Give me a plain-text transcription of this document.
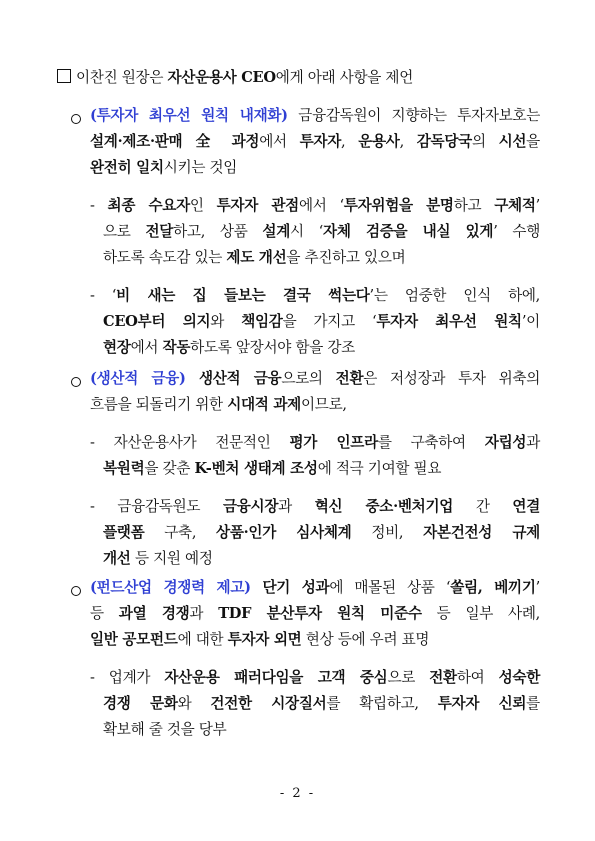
이찬진 원장은 자산운용사 CEO에게 아래 사항을 제언
(투자자 최우선 원칙 내재화) 금융감독원이 지향하는 투자자보호는
설계·제조·판매 全 과정에서 투자자, 운용사, 감독당국의 시선을
완전히 일치시키는 것임
- 최종 수요자인 투자자 관점에서 ‘투자위험을 분명하고 구체적’
으로 전달하고, 상품 설계시 ‘자체 검증을 내실 있게’ 수행
하도록 속도감 있는 제도 개선을 추진하고 있으며
- ‘비 새는 집 들보는 결국 썩는다’는 엄중한 인식 하에,
CEO부터 의지와 책임감을 가지고 ‘투자자 최우선 원칙’이
현장에서 작동하도록 앞장서야 함을 강조
(생산적 금융) 생산적 금융으로의 전환은 저성장과 투자 위축의
흐름을 되돌리기 위한 시대적 과제이므로,
- 자산운용사가 전문적인 평가 인프라를 구축하여 자립성과
복원력을 갖춘 K-벤처 생태계 조성에 적극 기여할 필요
- 금융감독원도 금융시장과 혁신 중소·벤처기업 간 연결
플랫폼 구축, 상품·인가 심사체계 정비, 자본건전성 규제
개선 등 지원 예정
(펀드산업 경쟁력 제고) 단기 성과에 매몰된 상품 ‘쏠림, 베끼기’
등 과열 경쟁과 TDF 분산투자 원칙 미준수 등 일부 사례,
일반 공모펀드에 대한 투자자 외면 현상 등에 우려 표명
- 업계가 자산운용 패러다임을 고객 중심으로 전환하여 성숙한
경쟁 문화와 건전한 시장질서를 확립하고, 투자자 신뢰를
확보해 줄 것을 당부
- 2 -
